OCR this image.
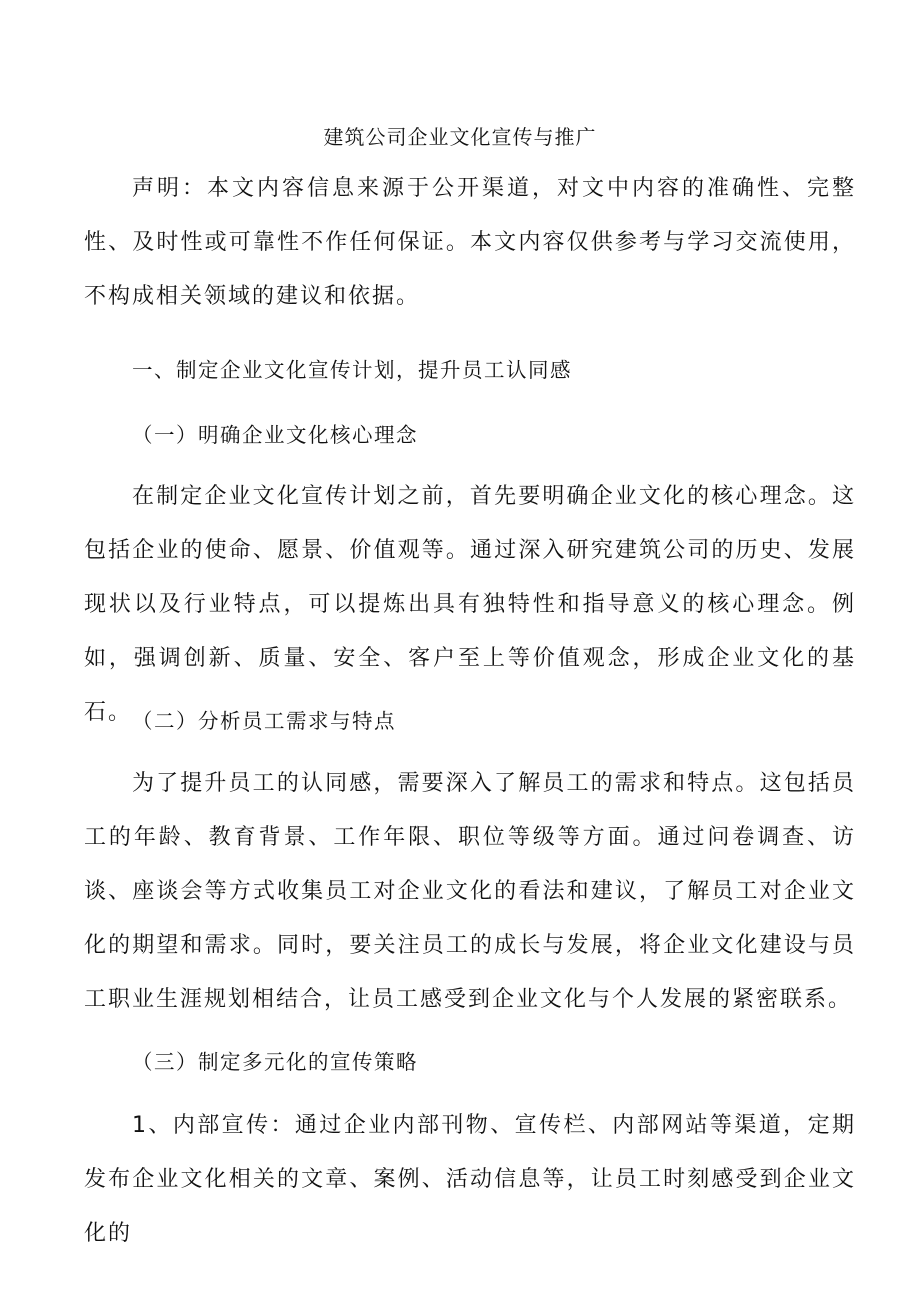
建筑公司企业文化宣传与推广

声明：本文内容信息来源于公开渠道，对文中内容的准确性、完整性、及时性或可靠性不作任何保证。本文内容仅供参考与学习交流使用，不构成相关领域的建议和依据。

一、制定企业文化宣传计划，提升员工认同感
（一）明确企业文化核心理念

在制定企业文化宣传计划之前，首先要明确企业文化的核心理念。这包括企业的使命、愿景、价值观等。通过深入研究建筑公司的历史、发展现状以及行业特点，可以提炼出具有独特性和指导意义的核心理念。例如，强调创新、质量、安全、客户至上等价值观念，形成企业文化的基石。 （二）分析员工需求与特点

为了提升员工的认同感，需要深入了解员工的需求和特点。这包括员工的年龄、教育背景、工作年限、职位等级等方面。通过问卷调查、访谈、座谈会等方式收集员工对企业文化的看法和建议，了解员工对企业文化的期望和需求。同时，要关注员工的成长与发展，将企业文化建设与员工职业生涯规划相结合，让员工感受到企业文化与个人发展的紧密联系。

（三）制定多元化的宣传策略

1、内部宣传：通过企业内部刊物、宣传栏、内部网站等渠道，定期发布企业文化相关的文章、案例、活动信息等，让员工时刻感受到企业文化的
